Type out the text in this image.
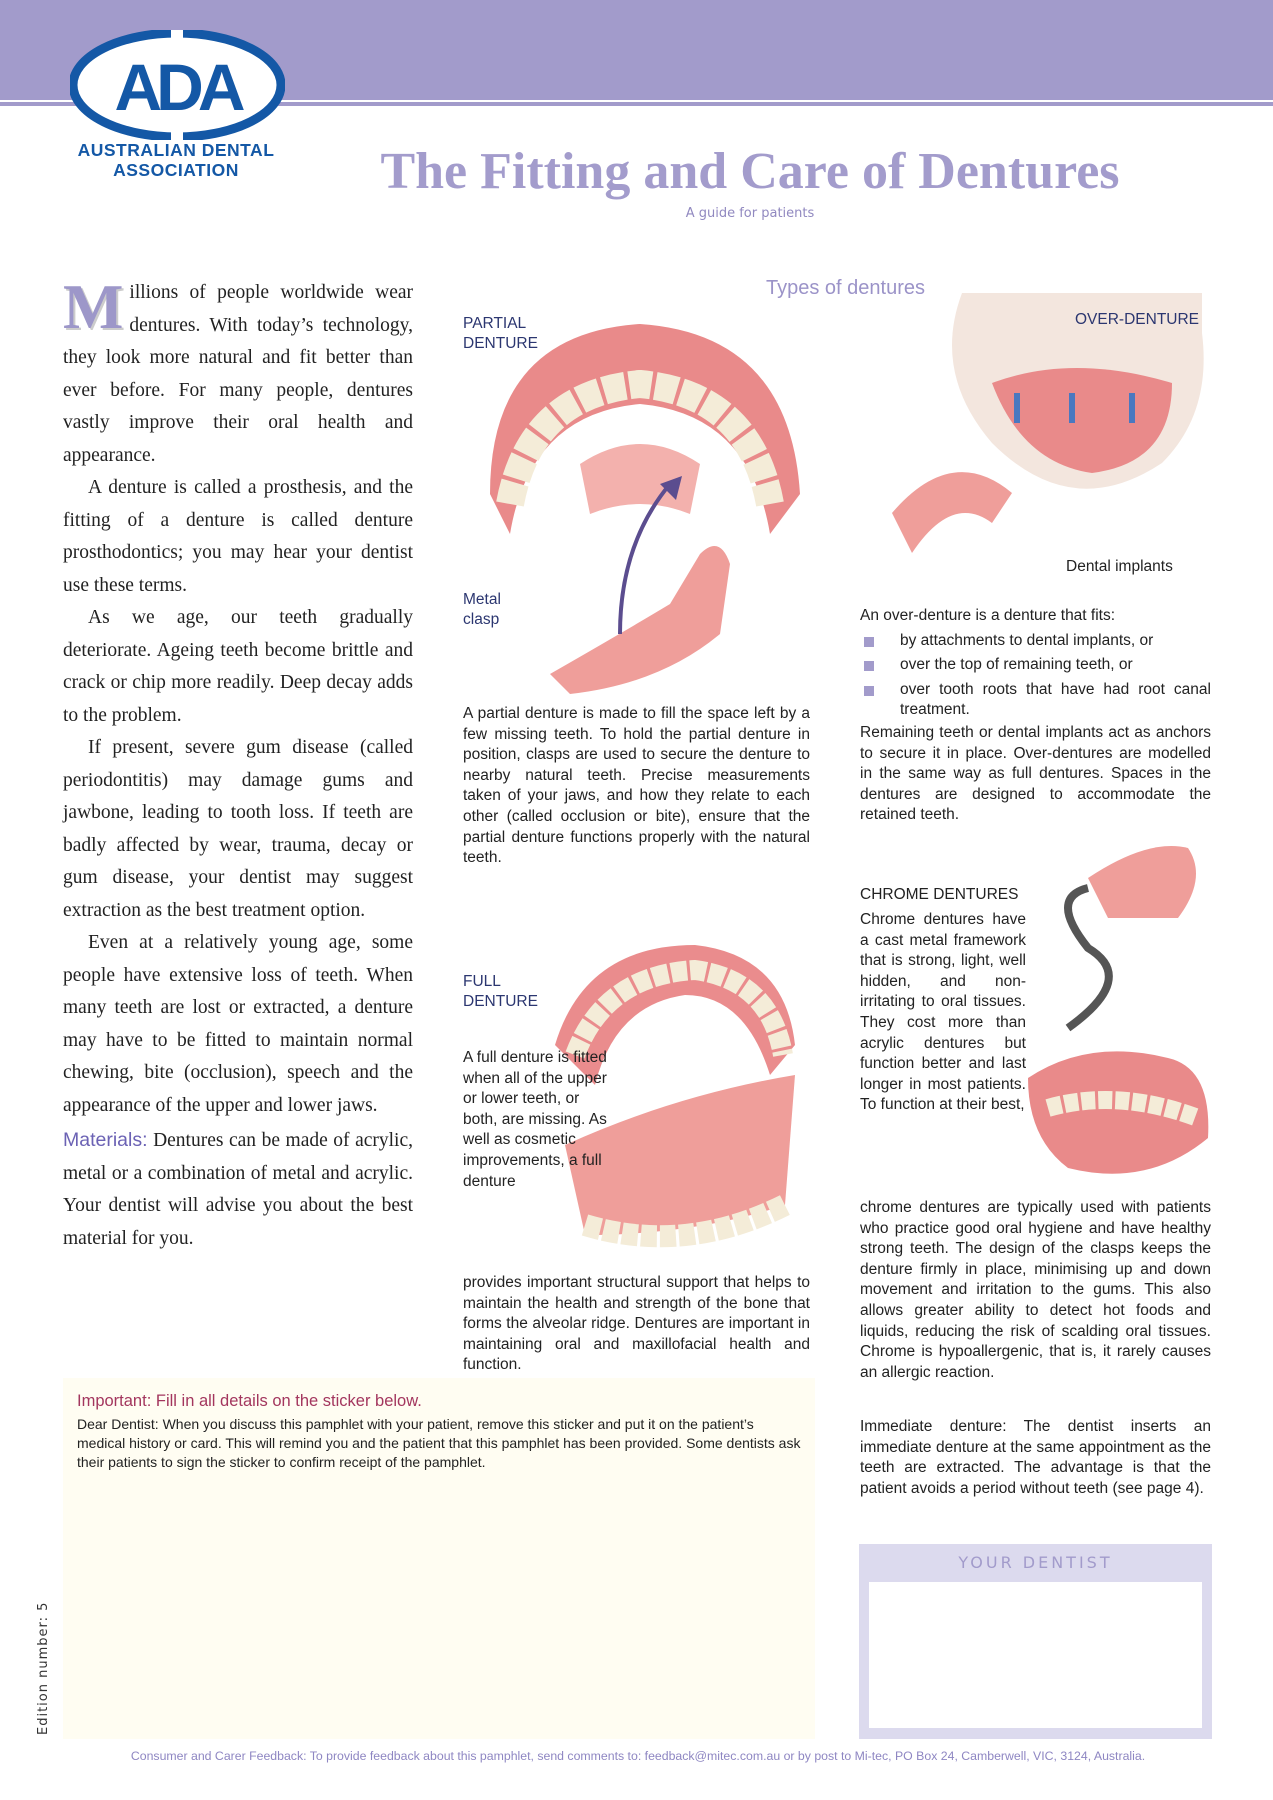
ADA
AUSTRALIAN DENTAL
ASSOCIATION	The Fitting and Care of Dentures
A guide for patients

Millions of people worldwide wear dentures. With today’s technology, they look more natural and fit better than ever before. For many people, dentures vastly improve their oral health and appearance.

A denture is called a prosthesis, and the fitting of a denture is called denture prosthodontics; you may hear your dentist use these terms.

As we age, our teeth gradually deteriorate. Ageing teeth become brittle and crack or chip more readily. Deep decay adds to the problem.

If present, severe gum disease (called periodontitis) may damage gums and jawbone, leading to tooth loss. If teeth are badly affected by wear, trauma, decay or gum disease, your dentist may suggest extraction as the best treatment option.

Even at a relatively young age, some people have extensive loss of teeth. When many teeth are lost or extracted, a denture may have to be fitted to maintain normal chewing, bite (occlusion), speech and the appearance of the upper and lower jaws.

Materials: Dentures can be made of acrylic, metal or a combination of metal and acrylic. Your dentist will advise you about the best material for you.

Types of dentures
PARTIAL
DENTURE
Metal
clasp
A partial denture is made to fill the space left by a few missing teeth. To hold the partial denture in position, clasps are used to secure the denture to nearby natural teeth. Precise measurements taken of your jaws, and how they relate to each other (called occlusion or bite), ensure that the partial denture functions properly with the natural teeth.
FULL
DENTURE
A full denture is fitted when all of the upper or lower teeth, or both, are missing. As well as cosmetic improvements, a full denture
provides important structural support that helps to maintain the health and strength of the bone that forms the alveolar ridge. Dentures are important in maintaining oral and maxillofacial health and function.
OVER-DENTURE
Dental implants
An over-denture is a denture that fits:
by attachments to dental implants, or
over the top of remaining teeth, or
over tooth roots that have had root canal treatment.
Remaining teeth or dental implants act as anchors to secure it in place. Over-dentures are modelled in the same way as full dentures. Spaces in the dentures are designed to accommodate the retained teeth.
CHROME DENTURES
Chrome dentures have a cast metal framework that is strong, light, well hidden, and non-irritating to oral tissues. They cost more than acrylic dentures but function better and last longer in most patients. To function at their best,
chrome dentures are typically used with patients who practice good oral hygiene and have healthy strong teeth. The design of the clasps keeps the denture firmly in place, minimising up and down movement and irritation to the gums. This also allows greater ability to detect hot foods and liquids, reducing the risk of scalding oral tissues. Chrome is hypoallergenic, that is, it rarely causes an allergic reaction.
Immediate denture: The dentist inserts an immediate denture at the same appointment as the teeth are extracted. The advantage is that the patient avoids a period without teeth (see page 4).
Important: Fill in all details on the sticker below.
Dear Dentist: When you discuss this pamphlet with your patient, remove this sticker and put it on the patient’s medical history or card. This will remind you and the patient that this pamphlet has been provided. Some dentists ask their patients to sign the sticker to confirm receipt of the pamphlet.
YOUR DENTIST
Edition number: 5
Consumer and Carer Feedback: To provide feedback about this pamphlet, send comments to: feedback@mitec.com.au or by post to Mi-tec, PO Box 24, Camberwell, VIC, 3124, Australia.
